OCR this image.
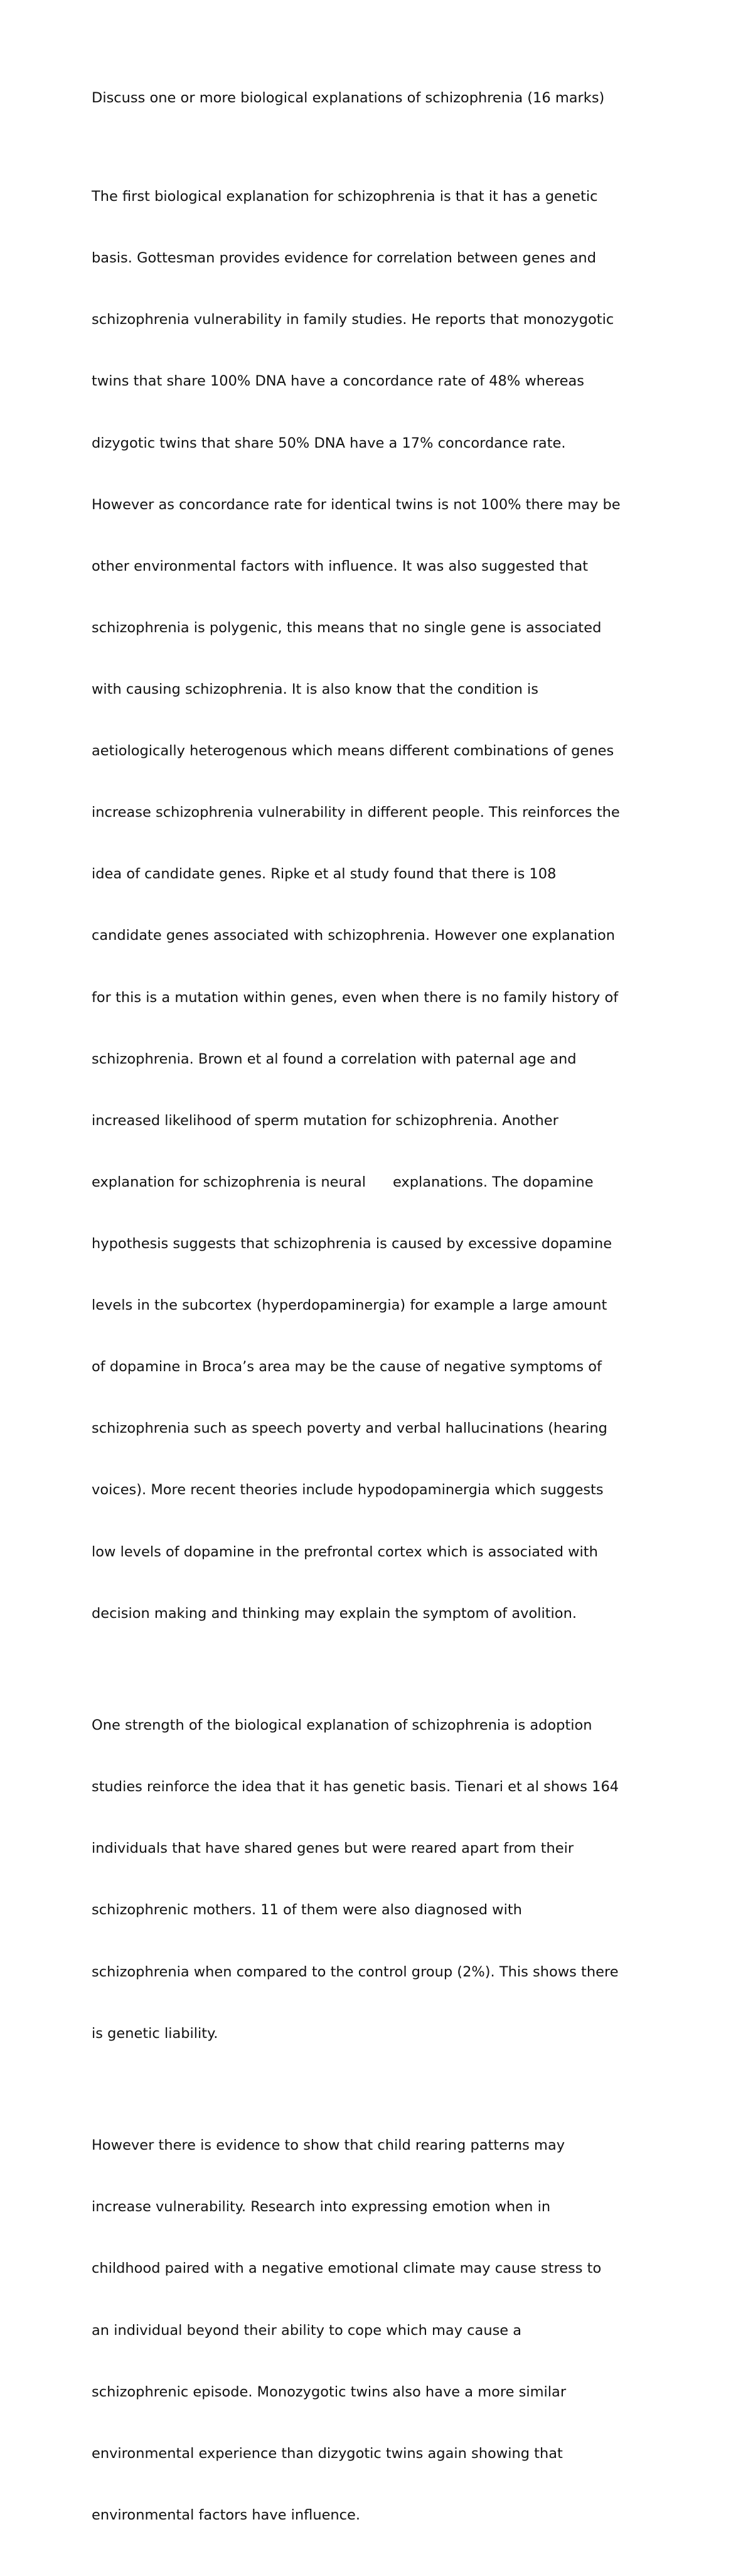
Discuss one or more biological explanations of schizophrenia (16 marks)

The first biological explanation for schizophrenia is that it has a genetic

basis. Gottesman provides evidence for correlation between genes and

schizophrenia vulnerability in family studies. He reports that monozygotic

twins that share 100% DNA have a concordance rate of 48% whereas

dizygotic twins that share 50% DNA have a 17% concordance rate.

However as concordance rate for identical twins is not 100% there may be

other environmental factors with influence. It was also suggested that

schizophrenia is polygenic, this means that no single gene is associated

with causing schizophrenia. It is also know that the condition is

aetiologically heterogenous which means different combinations of genes

increase schizophrenia vulnerability in different people. This reinforces the

idea of candidate genes. Ripke et al study found that there is 108

candidate genes associated with schizophrenia. However one explanation

for this is a mutation within genes, even when there is no family history of

schizophrenia. Brown et al found a correlation with paternal age and

increased likelihood of sperm mutation for schizophrenia. Another

explanation for schizophrenia is neural      explanations. The dopamine

hypothesis suggests that schizophrenia is caused by excessive dopamine

levels in the subcortex (hyperdopaminergia) for example a large amount

of dopamine in Broca’s area may be the cause of negative symptoms of

schizophrenia such as speech poverty and verbal hallucinations (hearing

voices). More recent theories include hypodopaminergia which suggests

low levels of dopamine in the prefrontal cortex which is associated with

decision making and thinking may explain the symptom of avolition.

One strength of the biological explanation of schizophrenia is adoption

studies reinforce the idea that it has genetic basis. Tienari et al shows 164

individuals that have shared genes but were reared apart from their

schizophrenic mothers. 11 of them were also diagnosed with

schizophrenia when compared to the control group (2%). This shows there

is genetic liability.

However there is evidence to show that child rearing patterns may

increase vulnerability. Research into expressing emotion when in

childhood paired with a negative emotional climate may cause stress to

an individual beyond their ability to cope which may cause a

schizophrenic episode. Monozygotic twins also have a more similar

environmental experience than dizygotic twins again showing that

environmental factors have influence.
